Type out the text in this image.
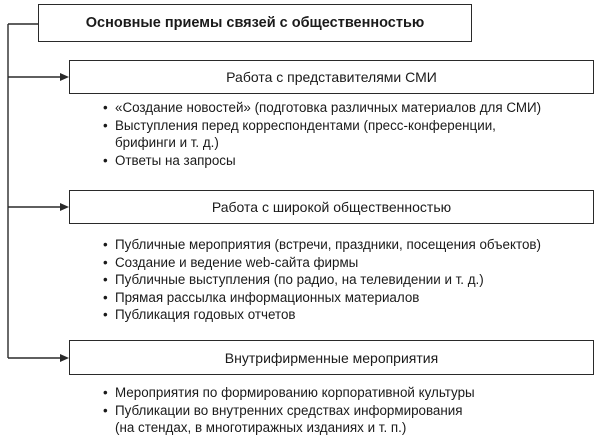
Основные приемы связей с общественностью
Работа с представителями СМИ
• «Создание новостей» (подготовка различных материалов для СМИ)
• Выступления перед корреспондентами (пресс-конференции,
брифинги и т. д.)
• Ответы на запросы
Работа с широкой общественностью
• Публичные мероприятия (встречи, праздники, посещения объектов)
• Создание и ведение web-сайта фирмы
• Публичные выступления (по радио, на телевидении и т. д.)
• Прямая рассылка информационных материалов
• Публикация годовых отчетов
Внутрифирменные мероприятия
• Мероприятия по формированию корпоративной культуры
• Публикации во внутренних средствах информирования
(на стендах, в многотиражных изданиях и т. п.)
